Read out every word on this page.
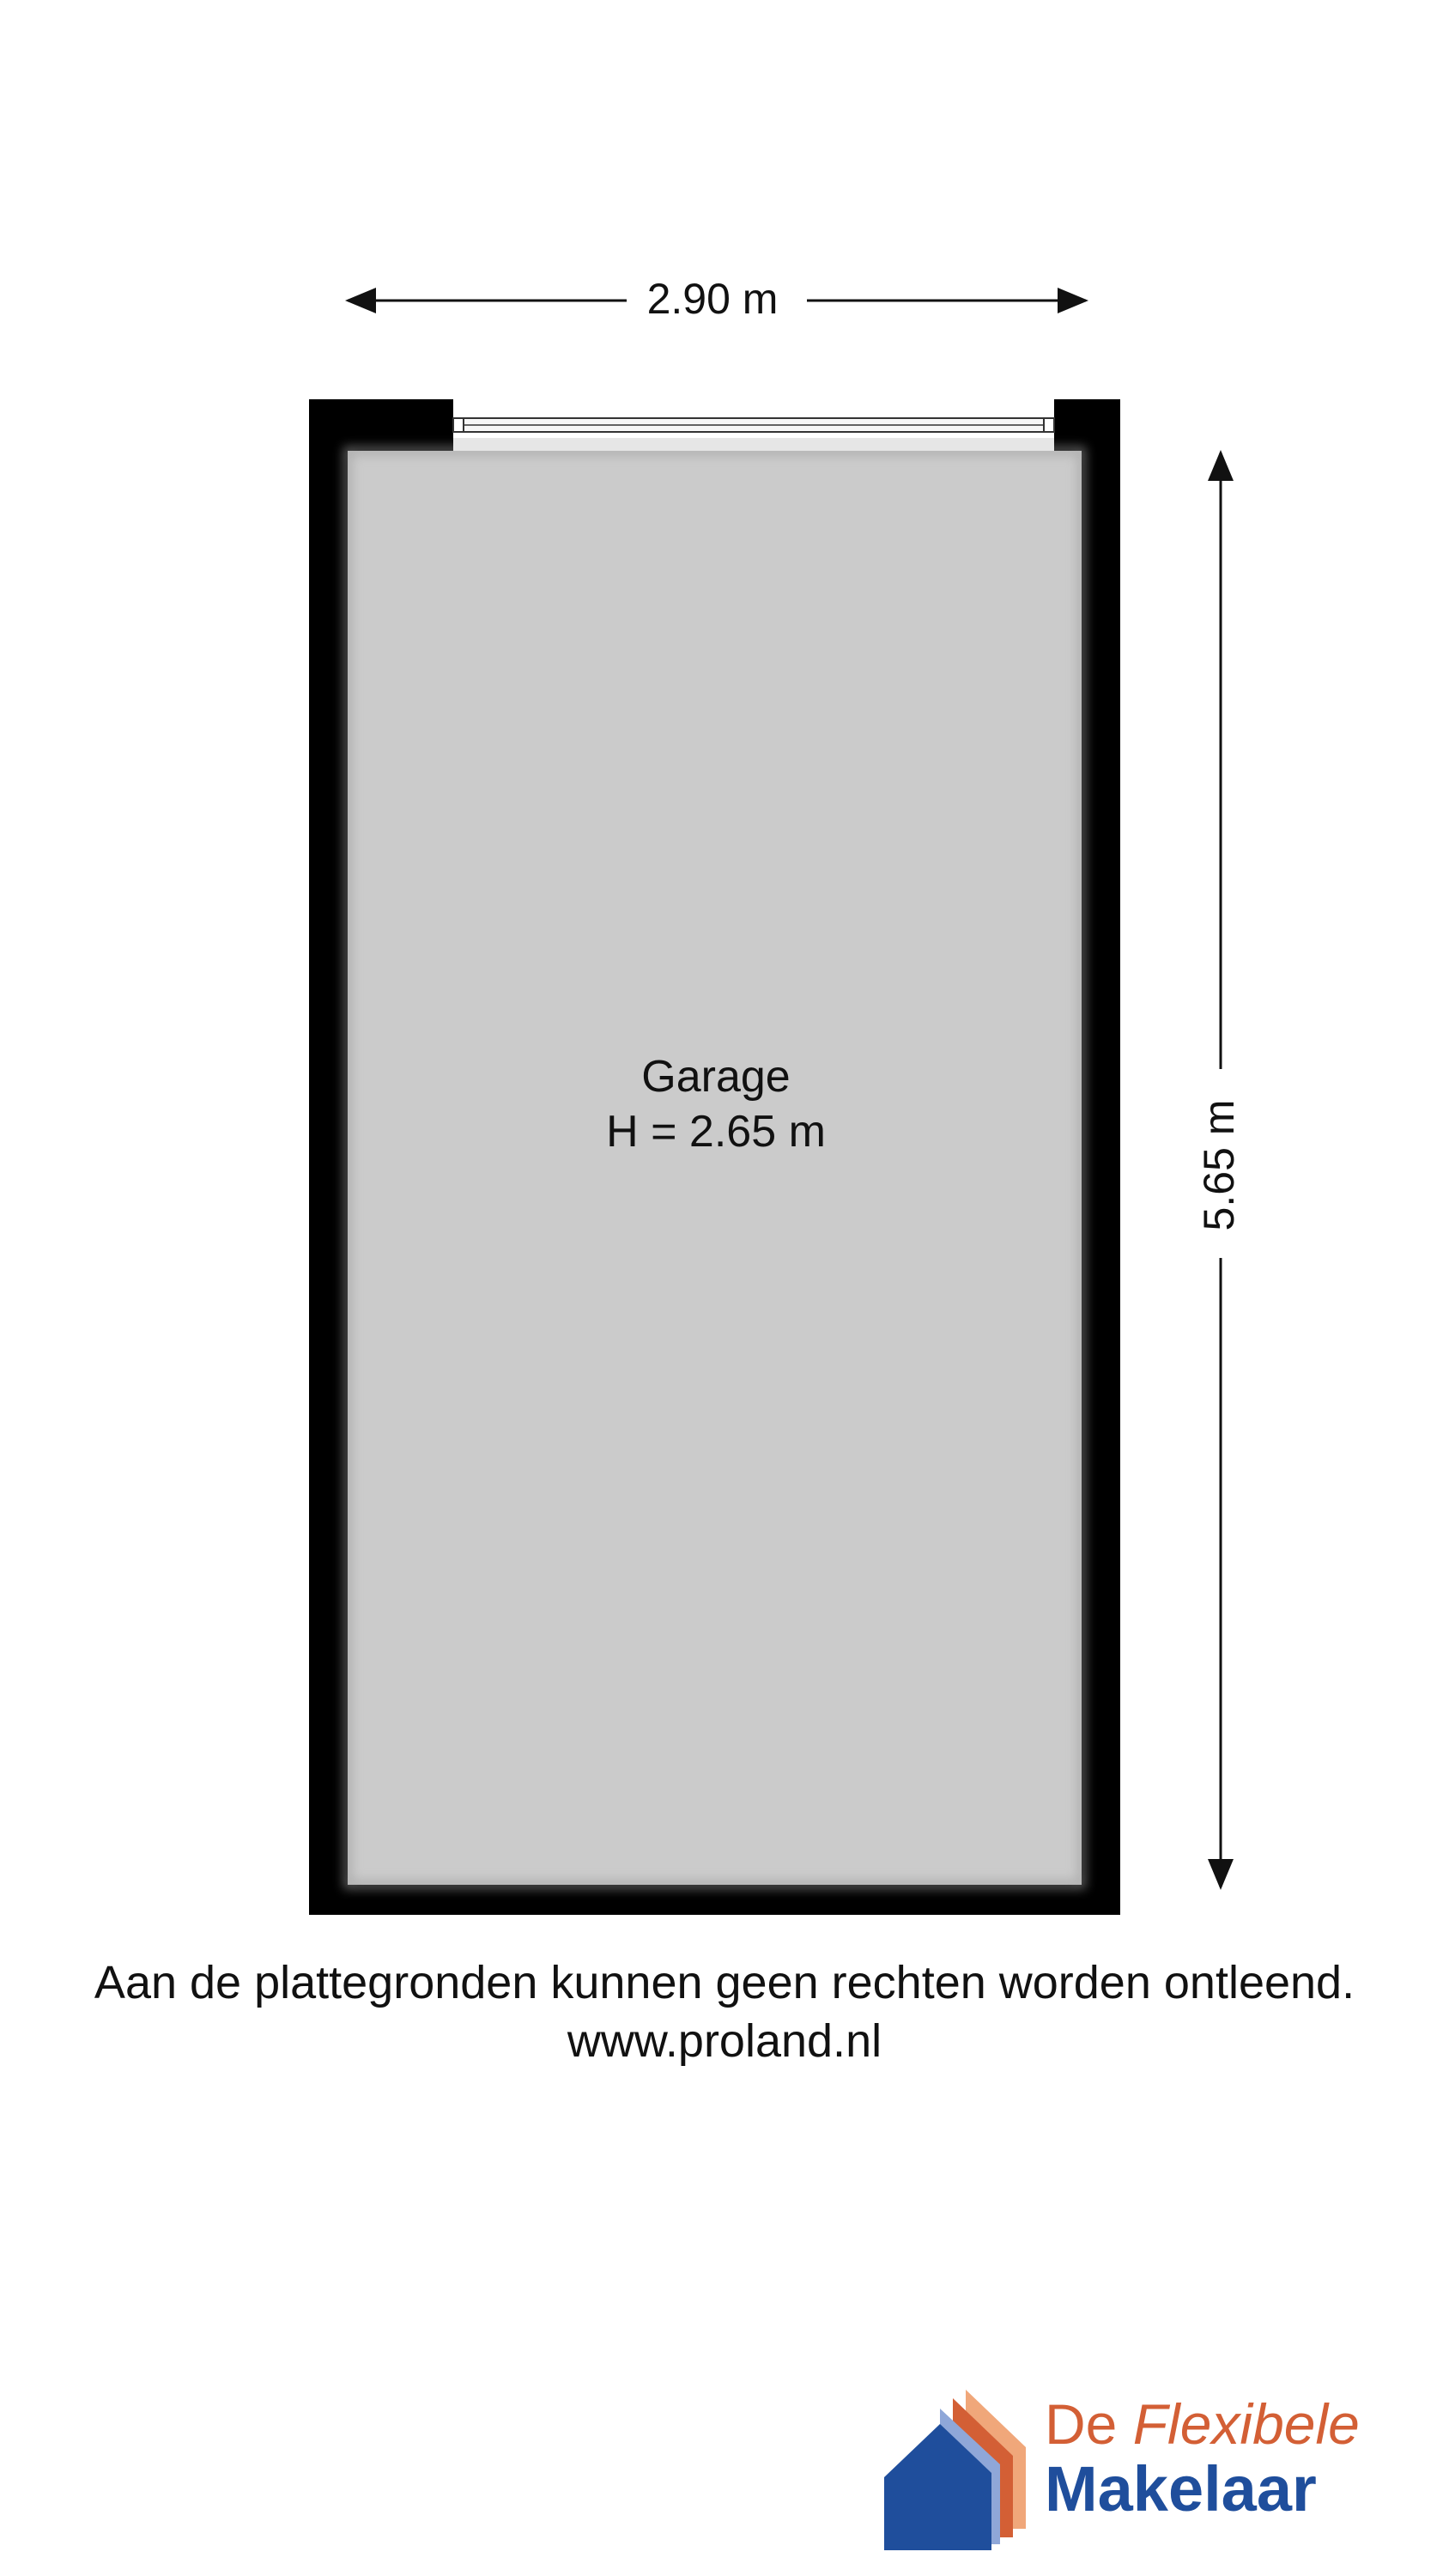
2.90 m
5.65 m
Garage
H = 2.65 m
Aan de plattegronden kunnen geen rechten worden ontleend.
www.proland.nl
De Flexibele
Makelaar
